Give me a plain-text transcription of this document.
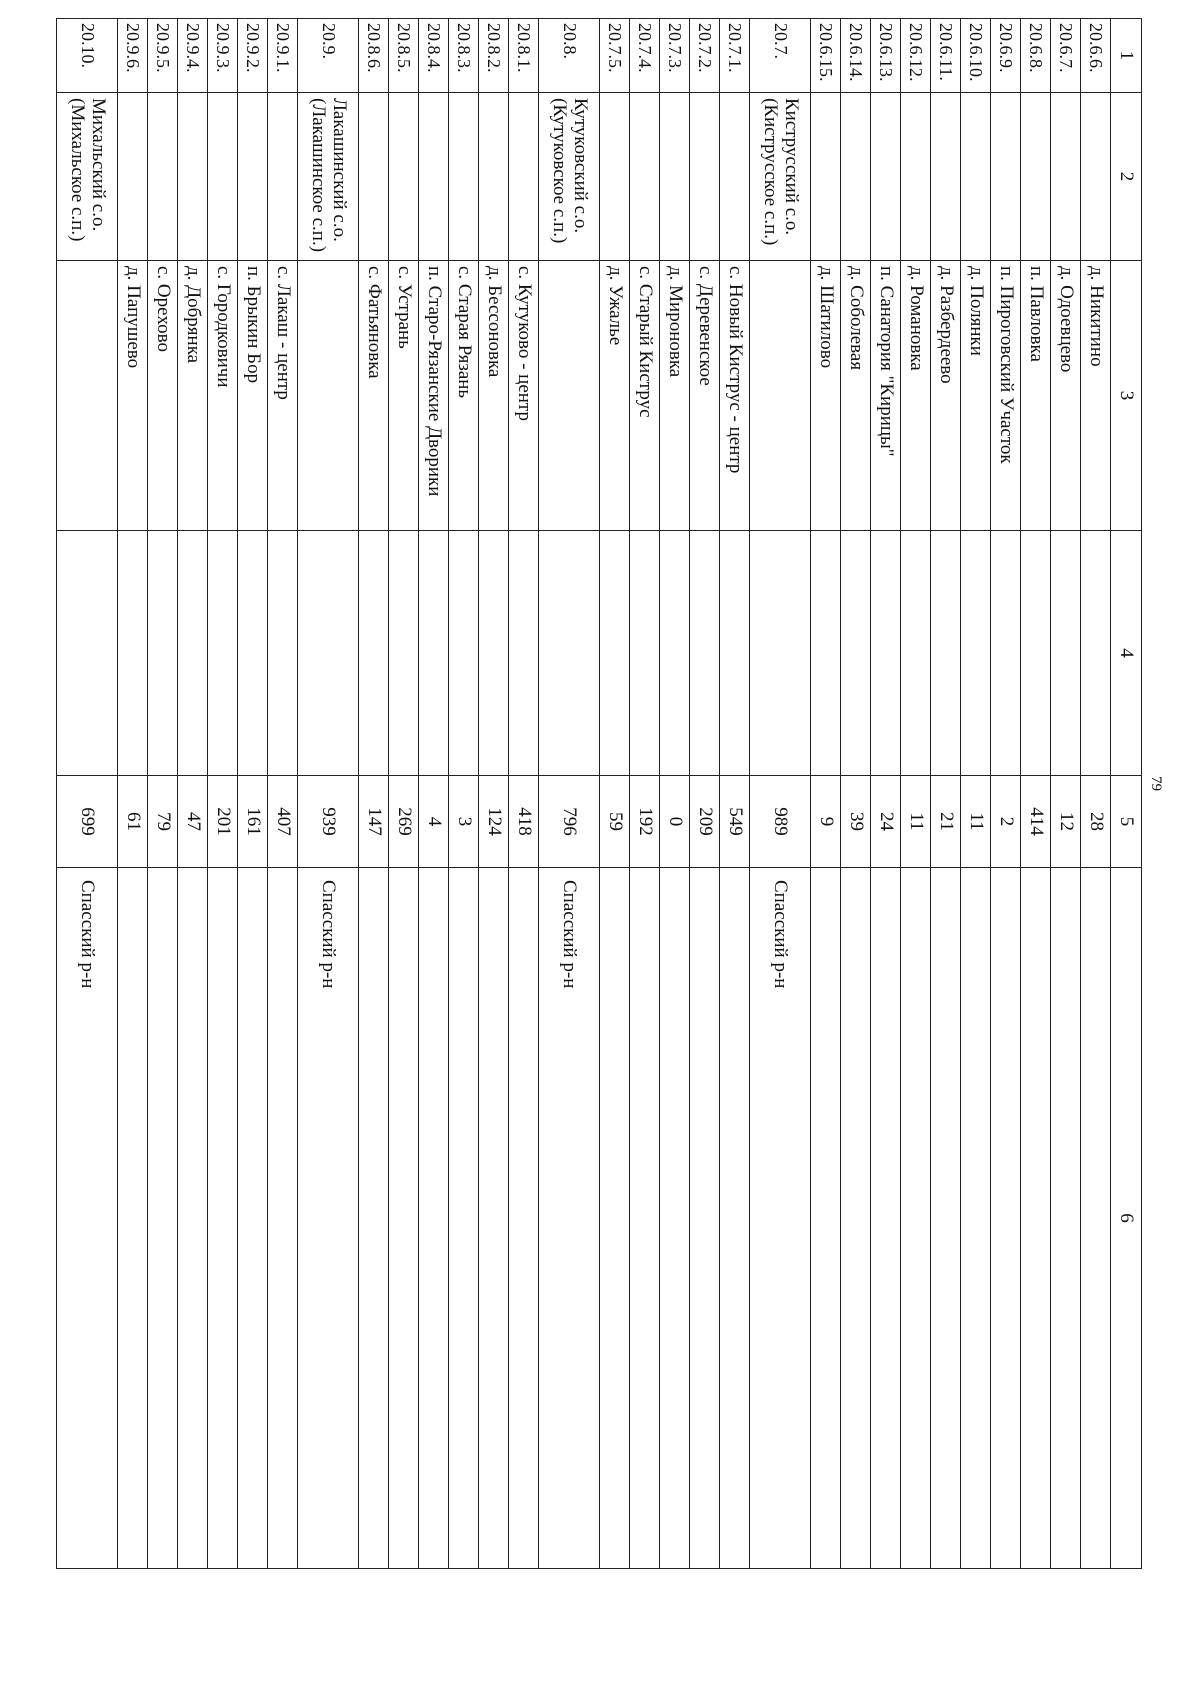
79
1	2	3	4	5	6
20.6.6.		д. Никитино		28	
20.6.7.		д. Одоевцево		12	
20.6.8.		п. Павловка		414	
20.6.9.		п. Пироговский Участок		2	
20.6.10.		д. Полянки		11	
20.6.11.		д. Разбердеево		21	
20.6.12.		д. Романовка		11	
20.6.13.		п. Санатория "Кирицы"		24	
20.6.14.		д. Соболевая		39	
20.6.15.		д. Шатилово		9	
20.7.	Киструсский с.о. (Киструсское с.п.)			989	Спасский р-н
20.7.1.		с. Новый Киструс - центр		549	
20.7.2.		с. Деревенское		209	
20.7.3.		д. Мироновка		0	
20.7.4.		с. Старый Киструс		192	
20.7.5.		д. Ужалье		59	
20.8.	Кутуковский с.о. (Кутуковское с.п.)			796	Спасский р-н
20.8.1.		с. Кутуково - центр		418	
20.8.2.		д. Бессоновка		124	
20.8.3.		с. Старая Рязань		3	
20.8.4.		п. Старо-Рязанские Дворики		4	
20.8.5.		с. Устрань		269	
20.8.6.		с. Фатьяновка		147	
20.9.	Лакашинский с.о. (Лакашинское с.п.)			939	Спасский р-н
20.9.1.		с. Лакаш - центр		407	
20.9.2.		п. Брыкин Бор		161	
20.9.3.		с. Городковичи		201	
20.9.4.		д. Добрянка		47	
20.9.5.		с. Орехово		79	
20.9.6.		д. Папушево		61	
20.10.	Михальский с.о. (Михальское с.п.)			699	Спасский р-н
